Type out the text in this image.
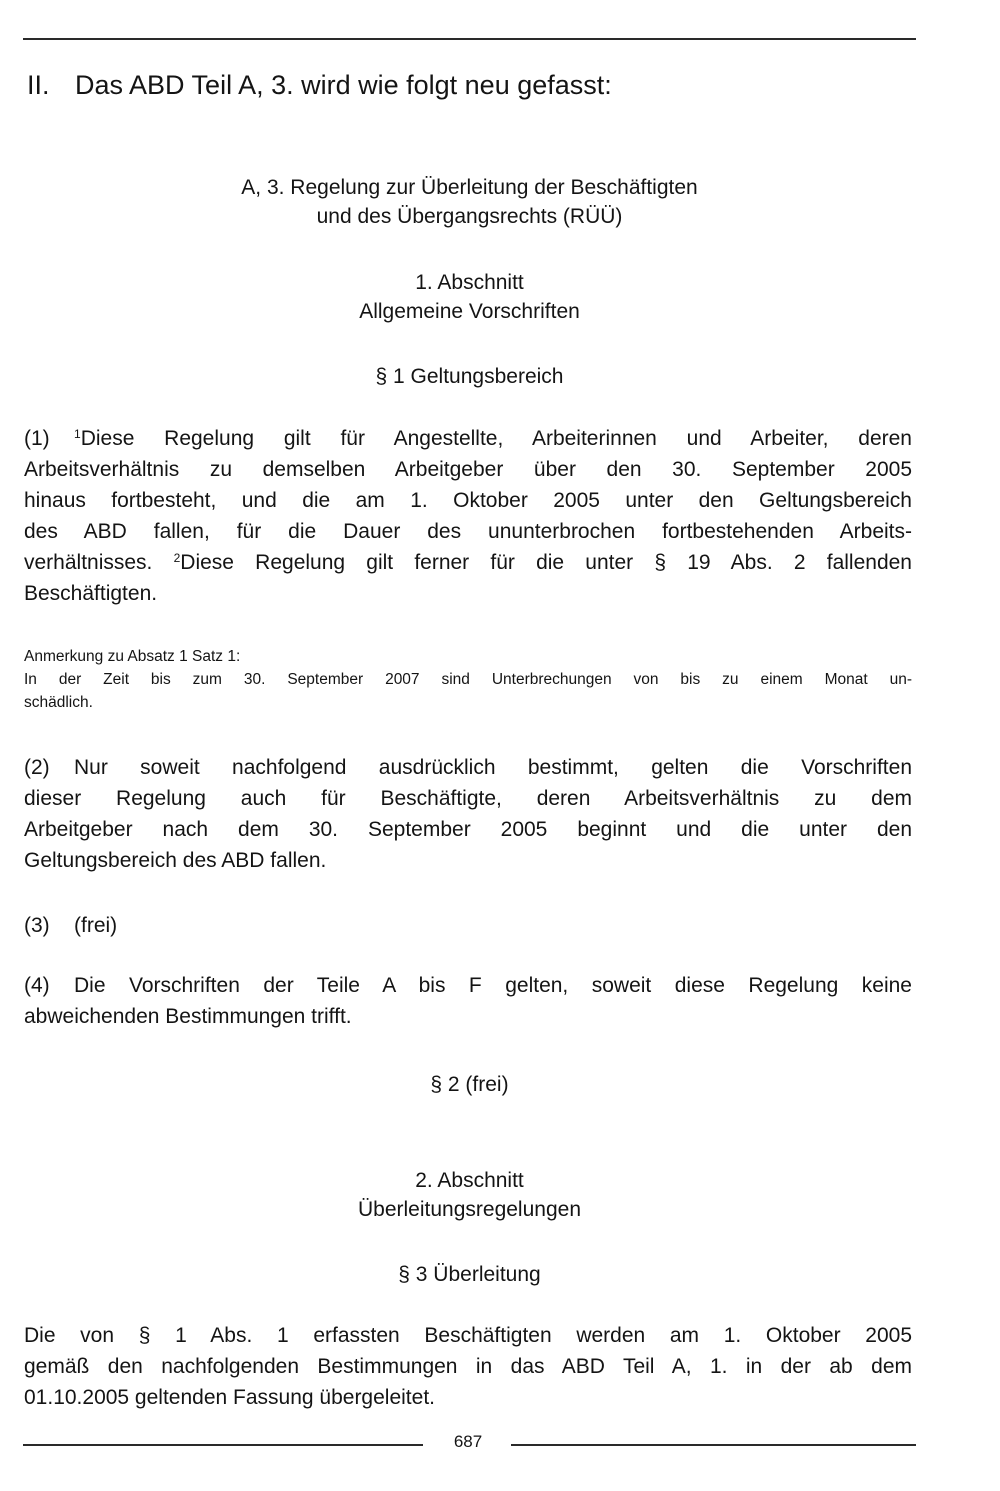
II. Das ABD Teil A, 3. wird wie folgt neu gefasst:
A, 3. Regelung zur Überleitung der Beschäftigten
und des Übergangsrechts (RÜÜ)
1. Abschnitt
Allgemeine Vorschriften
§ 1 Geltungsbereich
(1) $^1$Diese Regelung gilt für Angestellte, Arbeiterinnen und Arbeiter, deren
Arbeitsverhältnis zu demselben Arbeitgeber über den 30. September 2005
hinaus fortbesteht, und die am 1. Oktober 2005 unter den Geltungsbereich
des ABD fallen, für die Dauer des ununterbrochen fortbestehenden Arbeits-
verhältnisses. $^2$Diese Regelung gilt ferner für die unter § 19 Abs. 2 fallenden
Beschäftigten.
Anmerkung zu Absatz 1 Satz 1:
In der Zeit bis zum 30. September 2007 sind Unterbrechungen von bis zu einem Monat un-
schädlich.
(2) Nur soweit nachfolgend ausdrücklich bestimmt, gelten die Vorschriften
dieser Regelung auch für Beschäftigte, deren Arbeitsverhältnis zu dem
Arbeitgeber nach dem 30. September 2005 beginnt und die unter den
Geltungsbereich des ABD fallen.
(3) (frei)
(4) Die Vorschriften der Teile A bis F gelten, soweit diese Regelung keine
abweichenden Bestimmungen trifft.
§ 2 (frei)
2. Abschnitt
Überleitungsregelungen
§ 3 Überleitung
Die von § 1 Abs. 1 erfassten Beschäftigten werden am 1. Oktober 2005
gemäß den nachfolgenden Bestimmungen in das ABD Teil A, 1. in der ab dem
01.10.2005 geltenden Fassung übergeleitet.
687
